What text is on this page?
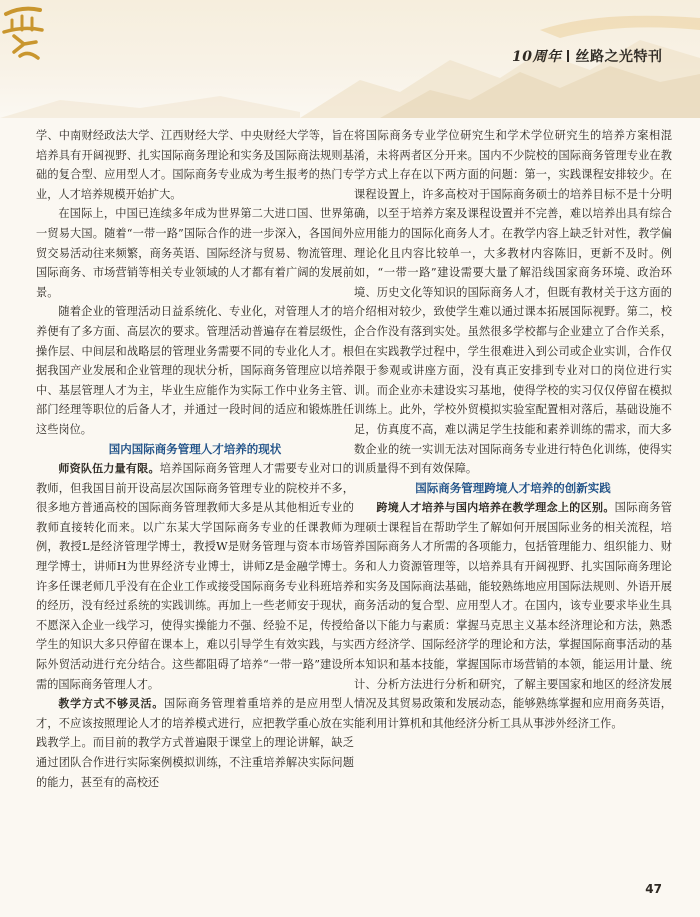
10周年 丝路之光特刊

学、中南财经政法大学、江西财经大学、中央财经大学等，旨在培养具有开阔视野、扎实国际商务理论和实务及国际商法规则基础的复合型、应用型人才。国际商务专业成为考生报考的热门专业，人才培养规模开始扩大。

在国际上，中国已连续多年成为世界第二大进口国、世界第一贸易大国。随着“一带一路”国际合作的进一步深入，各国间外贸交易活动往来频繁，商务英语、国际经济与贸易、物流管理、国际商务、市场营销等相关专业领域的人才都有着广阔的发展前景。

随着企业的管理活动日益系统化、专业化，对管理人才的培养便有了多方面、高层次的要求。管理活动普遍存在着层级性，操作层、中间层和战略层的管理业务需要不同的专业化人才。根据我国产业发展和企业管理的现状分析，国际商务管理应以培养中、基层管理人才为主，毕业生应能作为实际工作中业务主管、部门经理等职位的后备人才，并通过一段时间的适应和锻炼胜任这些岗位。

国内国际商务管理人才培养的现状

师资队伍力量有限。培养国际商务管理人才需要专业对口的教师，但我国目前开设高层次国际商务管理专业的院校并不多，很多地方普通高校的国际商务管理教师大多是从其他相近专业的教师直接转化而来。以广东某大学国际商务专业的任课教师为例，教授L是经济管理学博士，教授W是财务管理与资本市场管理学博士，讲师H为世界经济专业博士，讲师Z是金融学博士。许多任课老师几乎没有在企业工作或接受国际商务专业科班培养的经历，没有经过系统的实践训练。再加上一些老师安于现状，不愿深入企业一线学习，使得实操能力不强、经验不足，传授给学生的知识大多只停留在课本上，难以引导学生有效实践，与实际外贸活动进行充分结合。这些都阻碍了培养“一带一路”建设所需的国际商务管理人才。

教学方式不够灵活。国际商务管理着重培养的是应用型人才，不应该按照理论人才的培养模式进行，应把教学重心放在实践教学上。而目前的教学方式普遍限于课堂上的理论讲解，缺乏通过团队合作进行实际案例模拟训练，不注重培养解决实际问题的能力，甚至有的高校还

将国际商务专业学位研究生和学术学位研究生的培养方案相混淆，未将两者区分开来。国内不少院校的国际商务管理专业在教学方式上存在以下两方面的问题：第一，实践课程安排较少。在课程设置上，许多高校对于国际商务硕士的培养目标不是十分明确，以至于培养方案及课程设置并不完善，难以培养出具有综合应用能力的国际化商务人才。在教学内容上缺乏针对性，教学偏理论化且内容比较单一，大多教材内容陈旧，更新不及时。例如，“一带一路”建设需要大量了解沿线国家商务环境、政治环境、历史文化等知识的国际商务人才，但既有教材关于这方面的介绍相对较少，致使学生难以通过课本拓展国际视野。第二，校企合作没有落到实处。虽然很多学校都与企业建立了合作关系，但在实践教学过程中，学生很难进入到公司或企业实训，合作仅限于参观或讲座方面，没有真正安排到专业对口的岗位进行实训。而企业亦未建设实习基地，使得学校的实习仅仅停留在模拟训练上。此外，学校外贸模拟实验室配置相对落后，基础设施不足，仿真度不高，难以满足学生技能和素养训练的需求，而大多数企业的统一实训无法对国际商务专业进行特色化训练，使得实训质量得不到有效保障。

国际商务管理跨境人才培养的创新实践

跨境人才培养与国内培养在教学理念上的区别。国际商务管理硕士课程旨在帮助学生了解如何开展国际业务的相关流程，培养国际商务人才所需的各项能力，包括管理能力、组织能力、财务和人力资源管理等，以培养具有开阔视野、扎实国际商务理论和实务及国际商法基础，能较熟练地应用国际法规则、外语开展商务活动的复合型、应用型人才。在国内，该专业要求毕业生具备以下能力与素质：掌握马克思主义基本经济理论和方法，熟悉西方经济学、国际经济学的理论和方法，掌握国际商事活动的基本知识和基本技能，掌握国际市场营销的本领，能运用计量、统计、分析方法进行分析和研究，了解主要国家和地区的经济发展情况及其贸易政策和发展动态，能够熟练掌握和应用商务英语，能利用计算机和其他经济分析工具从事涉外经济工作。

47
